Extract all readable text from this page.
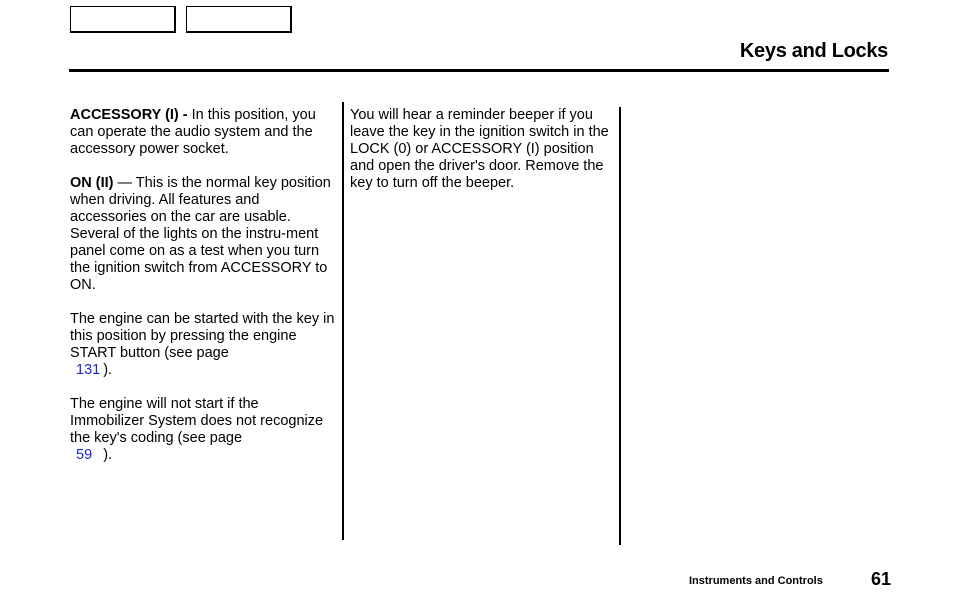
Keys and Locks

ACCESSORY (I) - In this position, you can operate the audio system and the accessory power socket.

ON (II) — This is the normal key position when driving. All features and accessories on the car are usable. Several of the lights on the instru-ment panel come on as a test when you turn the ignition switch from ACCESSORY to ON.

The engine can be started with the key in this position by pressing the engine START button (see page
131 ).

The engine will not start if the Immobilizer System does not recognize the key's coding (see page
59 ).

You will hear a reminder beeper if you leave the key in the ignition switch in the LOCK (0) or ACCESSORY (I) position and open the driver's door. Remove the key to turn off the beeper.

Instruments and Controls	61
